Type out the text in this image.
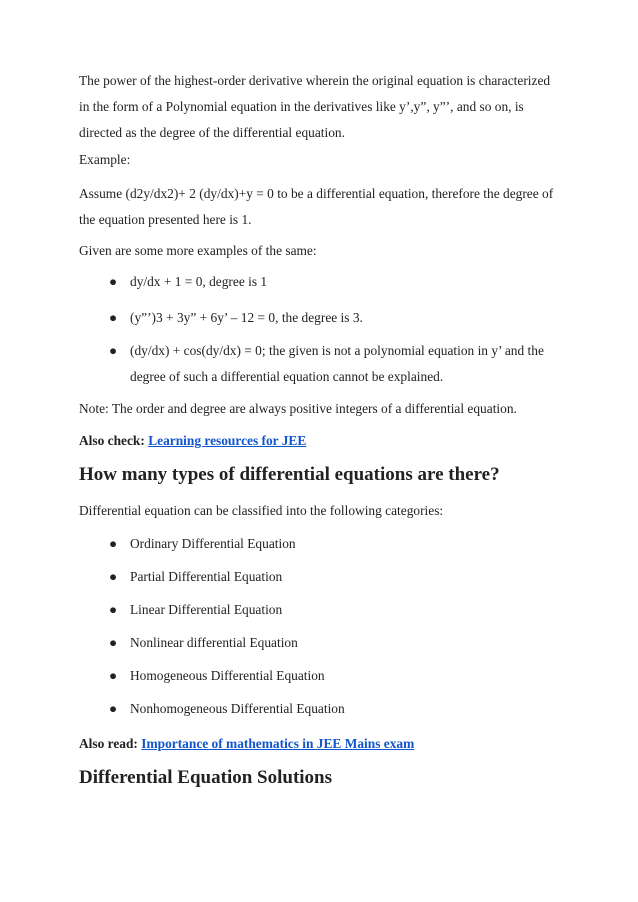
The power of the highest-order derivative wherein the original equation is characterized in the form of a Polynomial equation in the derivatives like y’,y”, y”’, and so on, is directed as the degree of the differential equation.

Example:

Assume (d2y/dx2)+ 2 (dy/dx)+y = 0 to be a differential equation, therefore the degree of the equation presented here is 1.

Given are some more examples of the same:

● dy/dx + 1 = 0, degree is 1
● (y”’)3 + 3y” + 6y’ – 12 = 0, the degree is 3.
● (dy/dx) + cos(dy/dx) = 0; the given is not a polynomial equation in y’ and the degree of such a differential equation cannot be explained.

Note: The order and degree are always positive integers of a differential equation.

Also check: Learning resources for JEE

How many types of differential equations are there?

Differential equation can be classified into the following categories:

● Ordinary Differential Equation
● Partial Differential Equation
● Linear Differential Equation
● Nonlinear differential Equation
● Homogeneous Differential Equation
● Nonhomogeneous Differential Equation

Also read: Importance of mathematics in JEE Mains exam

Differential Equation Solutions
